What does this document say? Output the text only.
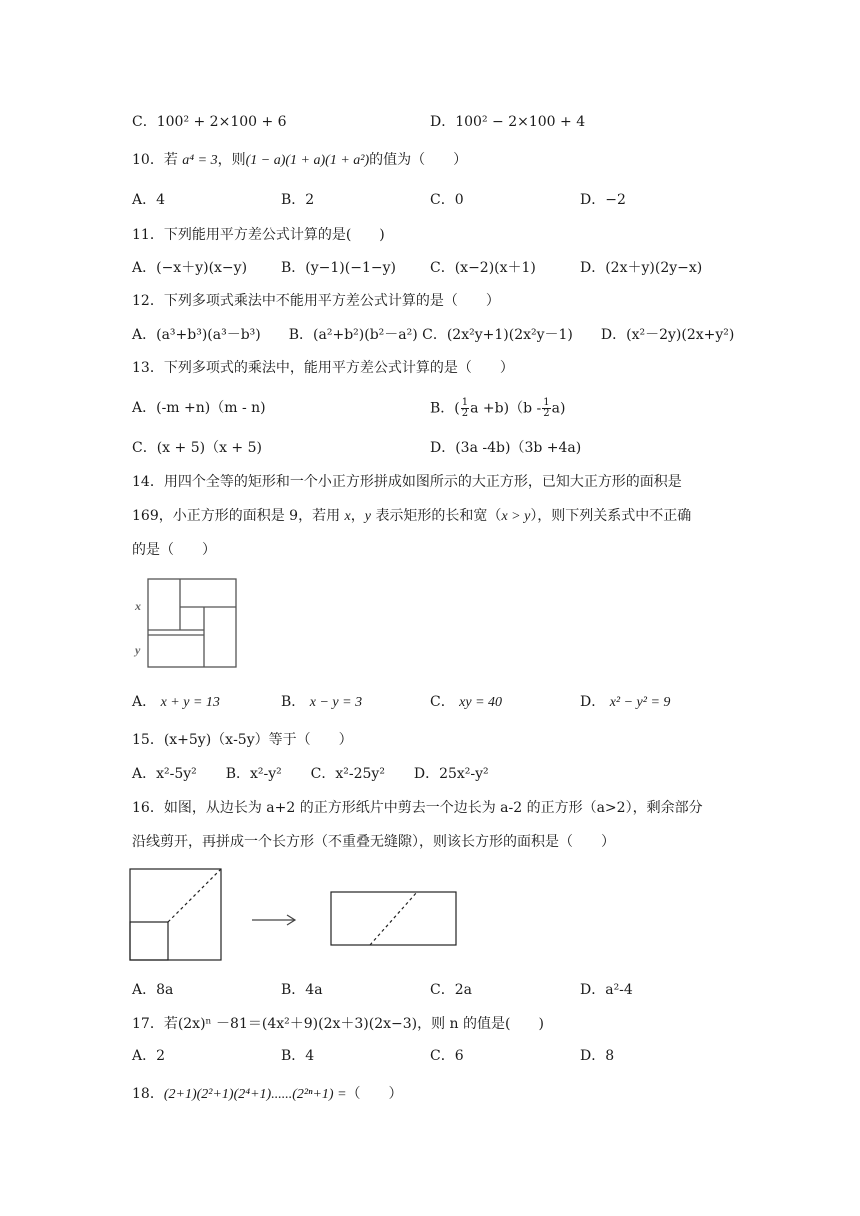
C．100² + 2×100 + 6	D．100² − 2×100 + 4
10．若 a⁴ = 3，则(1 − a)(1 + a)(1 + a²)的值为（　　）
A．4	B．2	C．0	D．−2
11．下列能用平方差公式计算的是(　　)
A．(−x＋y)(x−y) B．(y−1)(−1−y) C．(x−2)(x＋1)	D．(2x＋y)(2y−x)
12．下列多项式乘法中不能用平方差公式计算的是（　　）
A．(a³+b³)(a³－b³)　　B．(a²+b²)(b²－a²) C．(2x²y+1)(2x²y－1)　　D．(x²－2y)(2x+y²)
13．下列多项式的乘法中，能用平方差公式计算的是（　　）
A．(‑m +n)（m ‑ n)	B．( $\frac{1}{2}$ a +b)（b ‑ $\frac{1}{2} a$)
C．(x + 5)（x + 5)	D．(3a ‑4b)（3b +4a)
14．用四个全等的矩形和一个小正方形拼成如图所示的大正方形，已知大正方形的面积是
169，小正方形的面积是 9，若用 x，y 表示矩形的长和宽（x > y），则下列关系式中不正确
的是（　　）
x
y
A． x + y = 13	B． x − y = 3	C． xy = 40	D． x² − y² = 9
15．(x+5y)（x‑5y）等于（　　）
A．x²‑5y² B．x²‑y² C．x²‑25y² D．25x²‑y²
16．如图，从边长为 a+2 的正方形纸片中剪去一个边长为 a‑2 的正方形（a>2），剩余部分
沿线剪开，再拼成一个长方形（不重叠无缝隙），则该长方形的面积是（　　）
A．8a	B．4a	C．2a	D．a²‑4
17．若(2x)ⁿ －81＝(4x²＋9)(2x＋3)(2x−3)，则 n 的值是(　　)
A．2	B．4	C．6	D．8
18．(2+1)(2²+1)(2⁴+1)......(2²ⁿ+1) =（　　）
